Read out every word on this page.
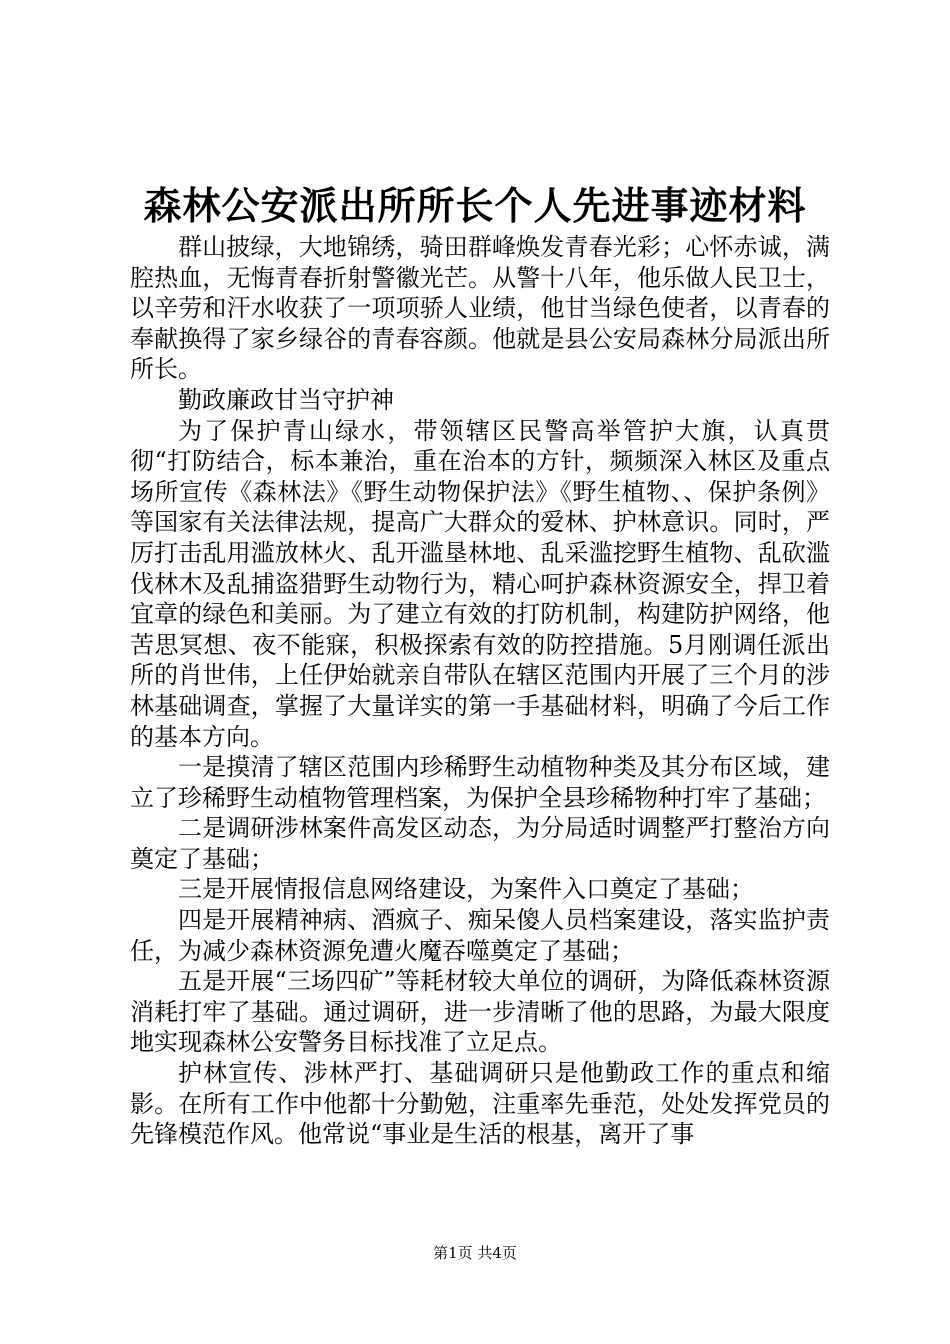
森林公安派出所所长个人先进事迹材料

群山披绿，大地锦绣，骑田群峰焕发青春光彩；心怀赤诚，满腔热血，无悔青春折射警徽光芒。从警十八年，他乐做人民卫士，以辛劳和汗水收获了一项项骄人业绩，他甘当绿色使者，以青春的奉献换得了家乡绿谷的青春容颜。他就是县公安局森林分局派出所所长。

勤政廉政甘当守护神

为了保护青山绿水，带领辖区民警高举管护大旗，认真贯彻“打防结合，标本兼治，重在治本的方针，频频深入林区及重点场所宣传《森林法》《野生动物保护法》《野生植物、、保护条例》等国家有关法律法规，提高广大群众的爱林、护林意识。同时，严厉打击乱用滥放林火、乱开滥垦林地、乱采滥挖野生植物、乱砍滥伐林木及乱捕盗猎野生动物行为，精心呵护森林资源安全，捍卫着宜章的绿色和美丽。为了建立有效的打防机制，构建防护网络，他苦思冥想、夜不能寐，积极探索有效的防控措施。5月刚调任派出所的肖世伟，上任伊始就亲自带队在辖区范围内开展了三个月的涉林基础调查，掌握了大量详实的第一手基础材料，明确了今后工作的基本方向。

一是摸清了辖区范围内珍稀野生动植物种类及其分布区域，建立了珍稀野生动植物管理档案，为保护全县珍稀物种打牢了基础；

二是调研涉林案件高发区动态，为分局适时调整严打整治方向奠定了基础；

三是开展情报信息网络建设，为案件入口奠定了基础；

四是开展精神病、酒疯子、痴呆傻人员档案建设，落实监护责任，为减少森林资源免遭火魔吞噬奠定了基础；

五是开展“三场四矿”等耗材较大单位的调研，为降低森林资源消耗打牢了基础。通过调研，进一步清晰了他的思路，为最大限度地实现森林公安警务目标找准了立足点。

护林宣传、涉林严打、基础调研只是他勤政工作的重点和缩影。在所有工作中他都十分勤勉，注重率先垂范，处处发挥党员的先锋模范作风。他常说“事业是生活的根基，离开了事

第1页 共4页
